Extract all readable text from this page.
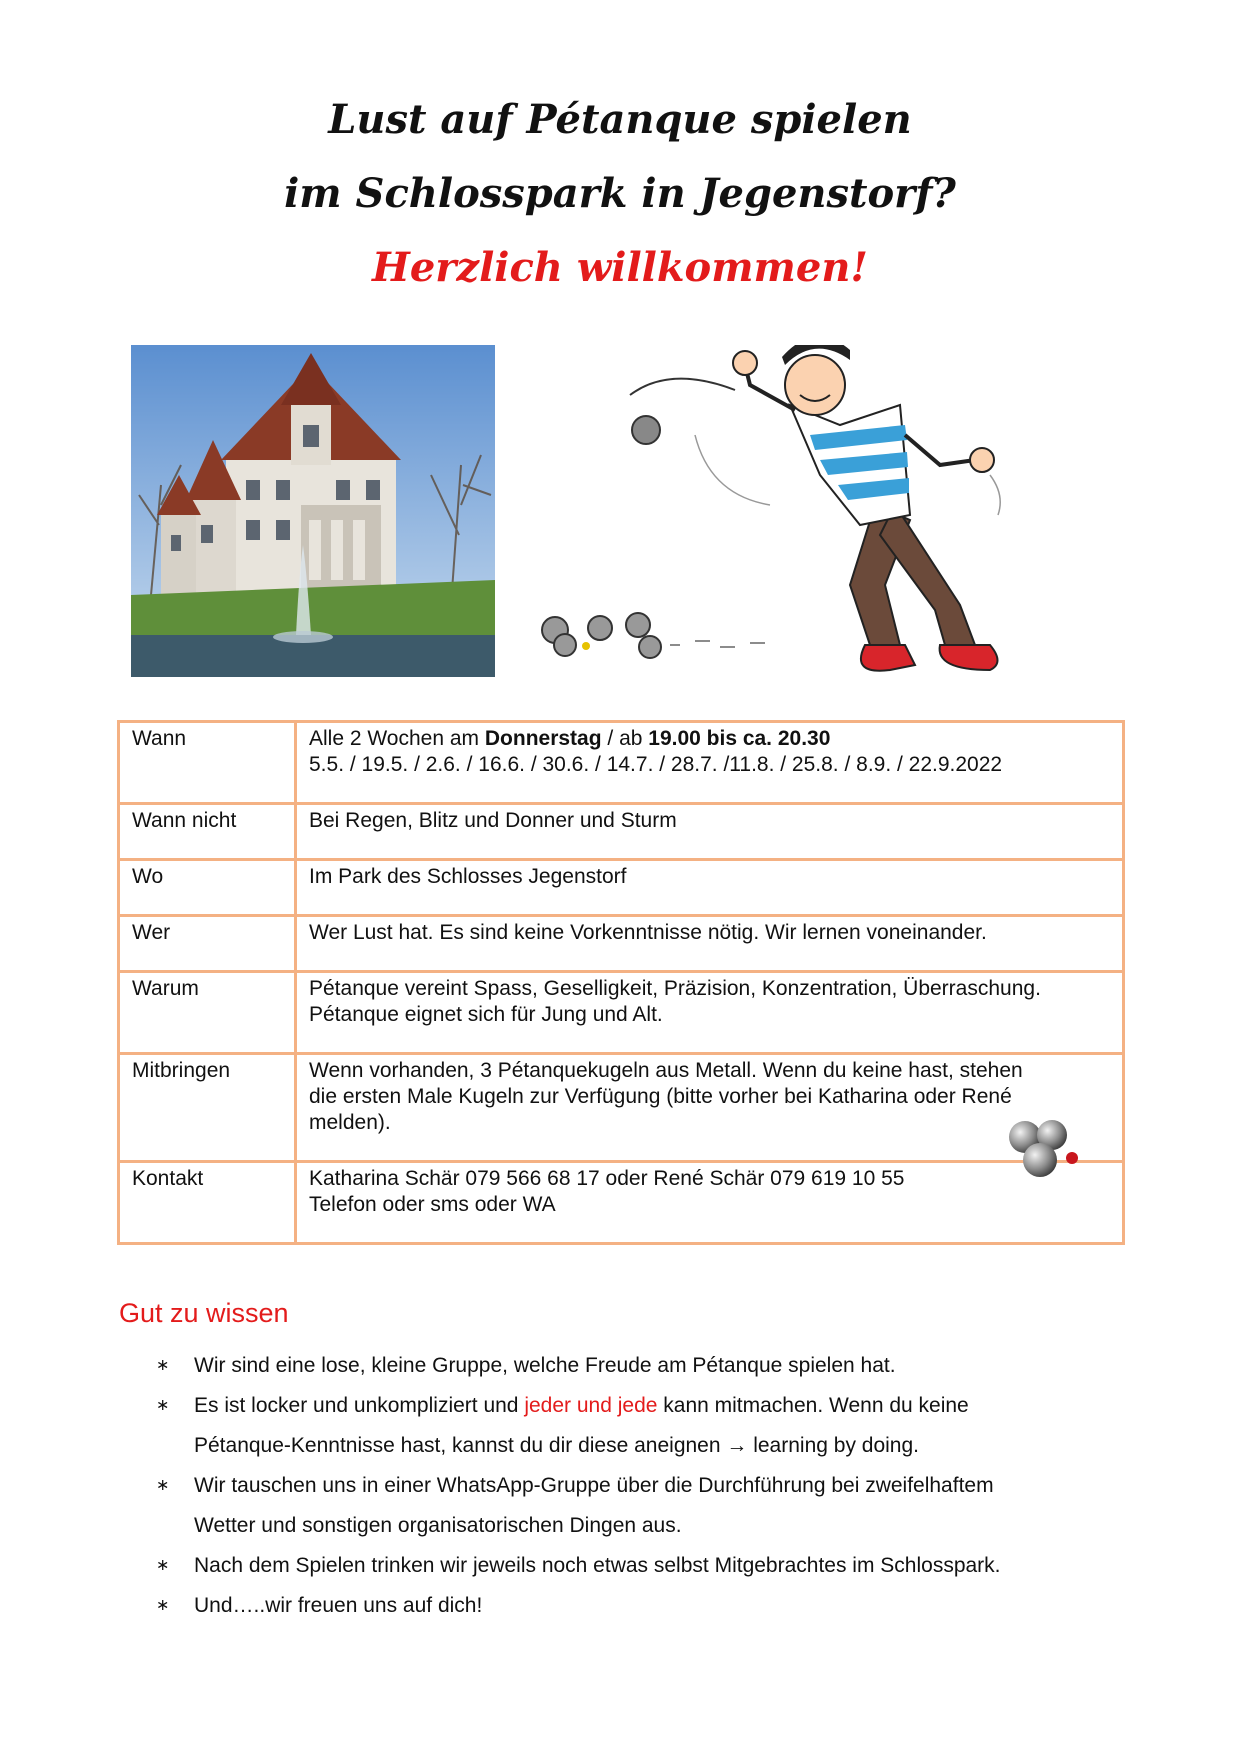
Lust auf Pétanque spielen
im Schlosspark in Jegenstorf?
Herzlich willkommen!
Wann	Alle 2 Wochen am Donnerstag / ab 19.00 bis ca. 20.30
5.5. / 19.5. / 2.6. / 16.6. / 30.6. / 14.7. / 28.7. /11.8. / 25.8. / 8.9. / 22.9.2022

Wann nicht	Bei Regen, Blitz und Donner und Sturm
Wo	Im Park des Schlosses Jegenstorf
Wer	Wer Lust hat. Es sind keine Vorkenntnisse nötig. Wir lernen voneinander.
Warum	Pétanque vereint Spass, Geselligkeit, Präzision, Konzentration, Überraschung.
Pétanque eignet sich für Jung und Alt.

Mitbringen	Wenn vorhanden, 3 Pétanquekugeln aus Metall. Wenn du keine hast, stehen
die ersten Male Kugeln zur Verfügung (bitte vorher bei Katharina oder René
melden).

Kontakt	Katharina Schär 079 566 68 17 oder René Schär 079 619 10 55
Telefon oder sms oder WA
Gut zu wissen
∗ Wir sind eine lose, kleine Gruppe, welche Freude am Pétanque spielen hat.
∗ Es ist locker und unkompliziert und jeder und jede kann mitmachen. Wenn du keine
Pétanque-Kenntnisse hast, kannst du dir diese aneignen → learning by doing.
∗ Wir tauschen uns in einer WhatsApp-Gruppe über die Durchführung bei zweifelhaftem
Wetter und sonstigen organisatorischen Dingen aus.
∗ Nach dem Spielen trinken wir jeweils noch etwas selbst Mitgebrachtes im Schlosspark.
∗ Und…..wir freuen uns auf dich!
